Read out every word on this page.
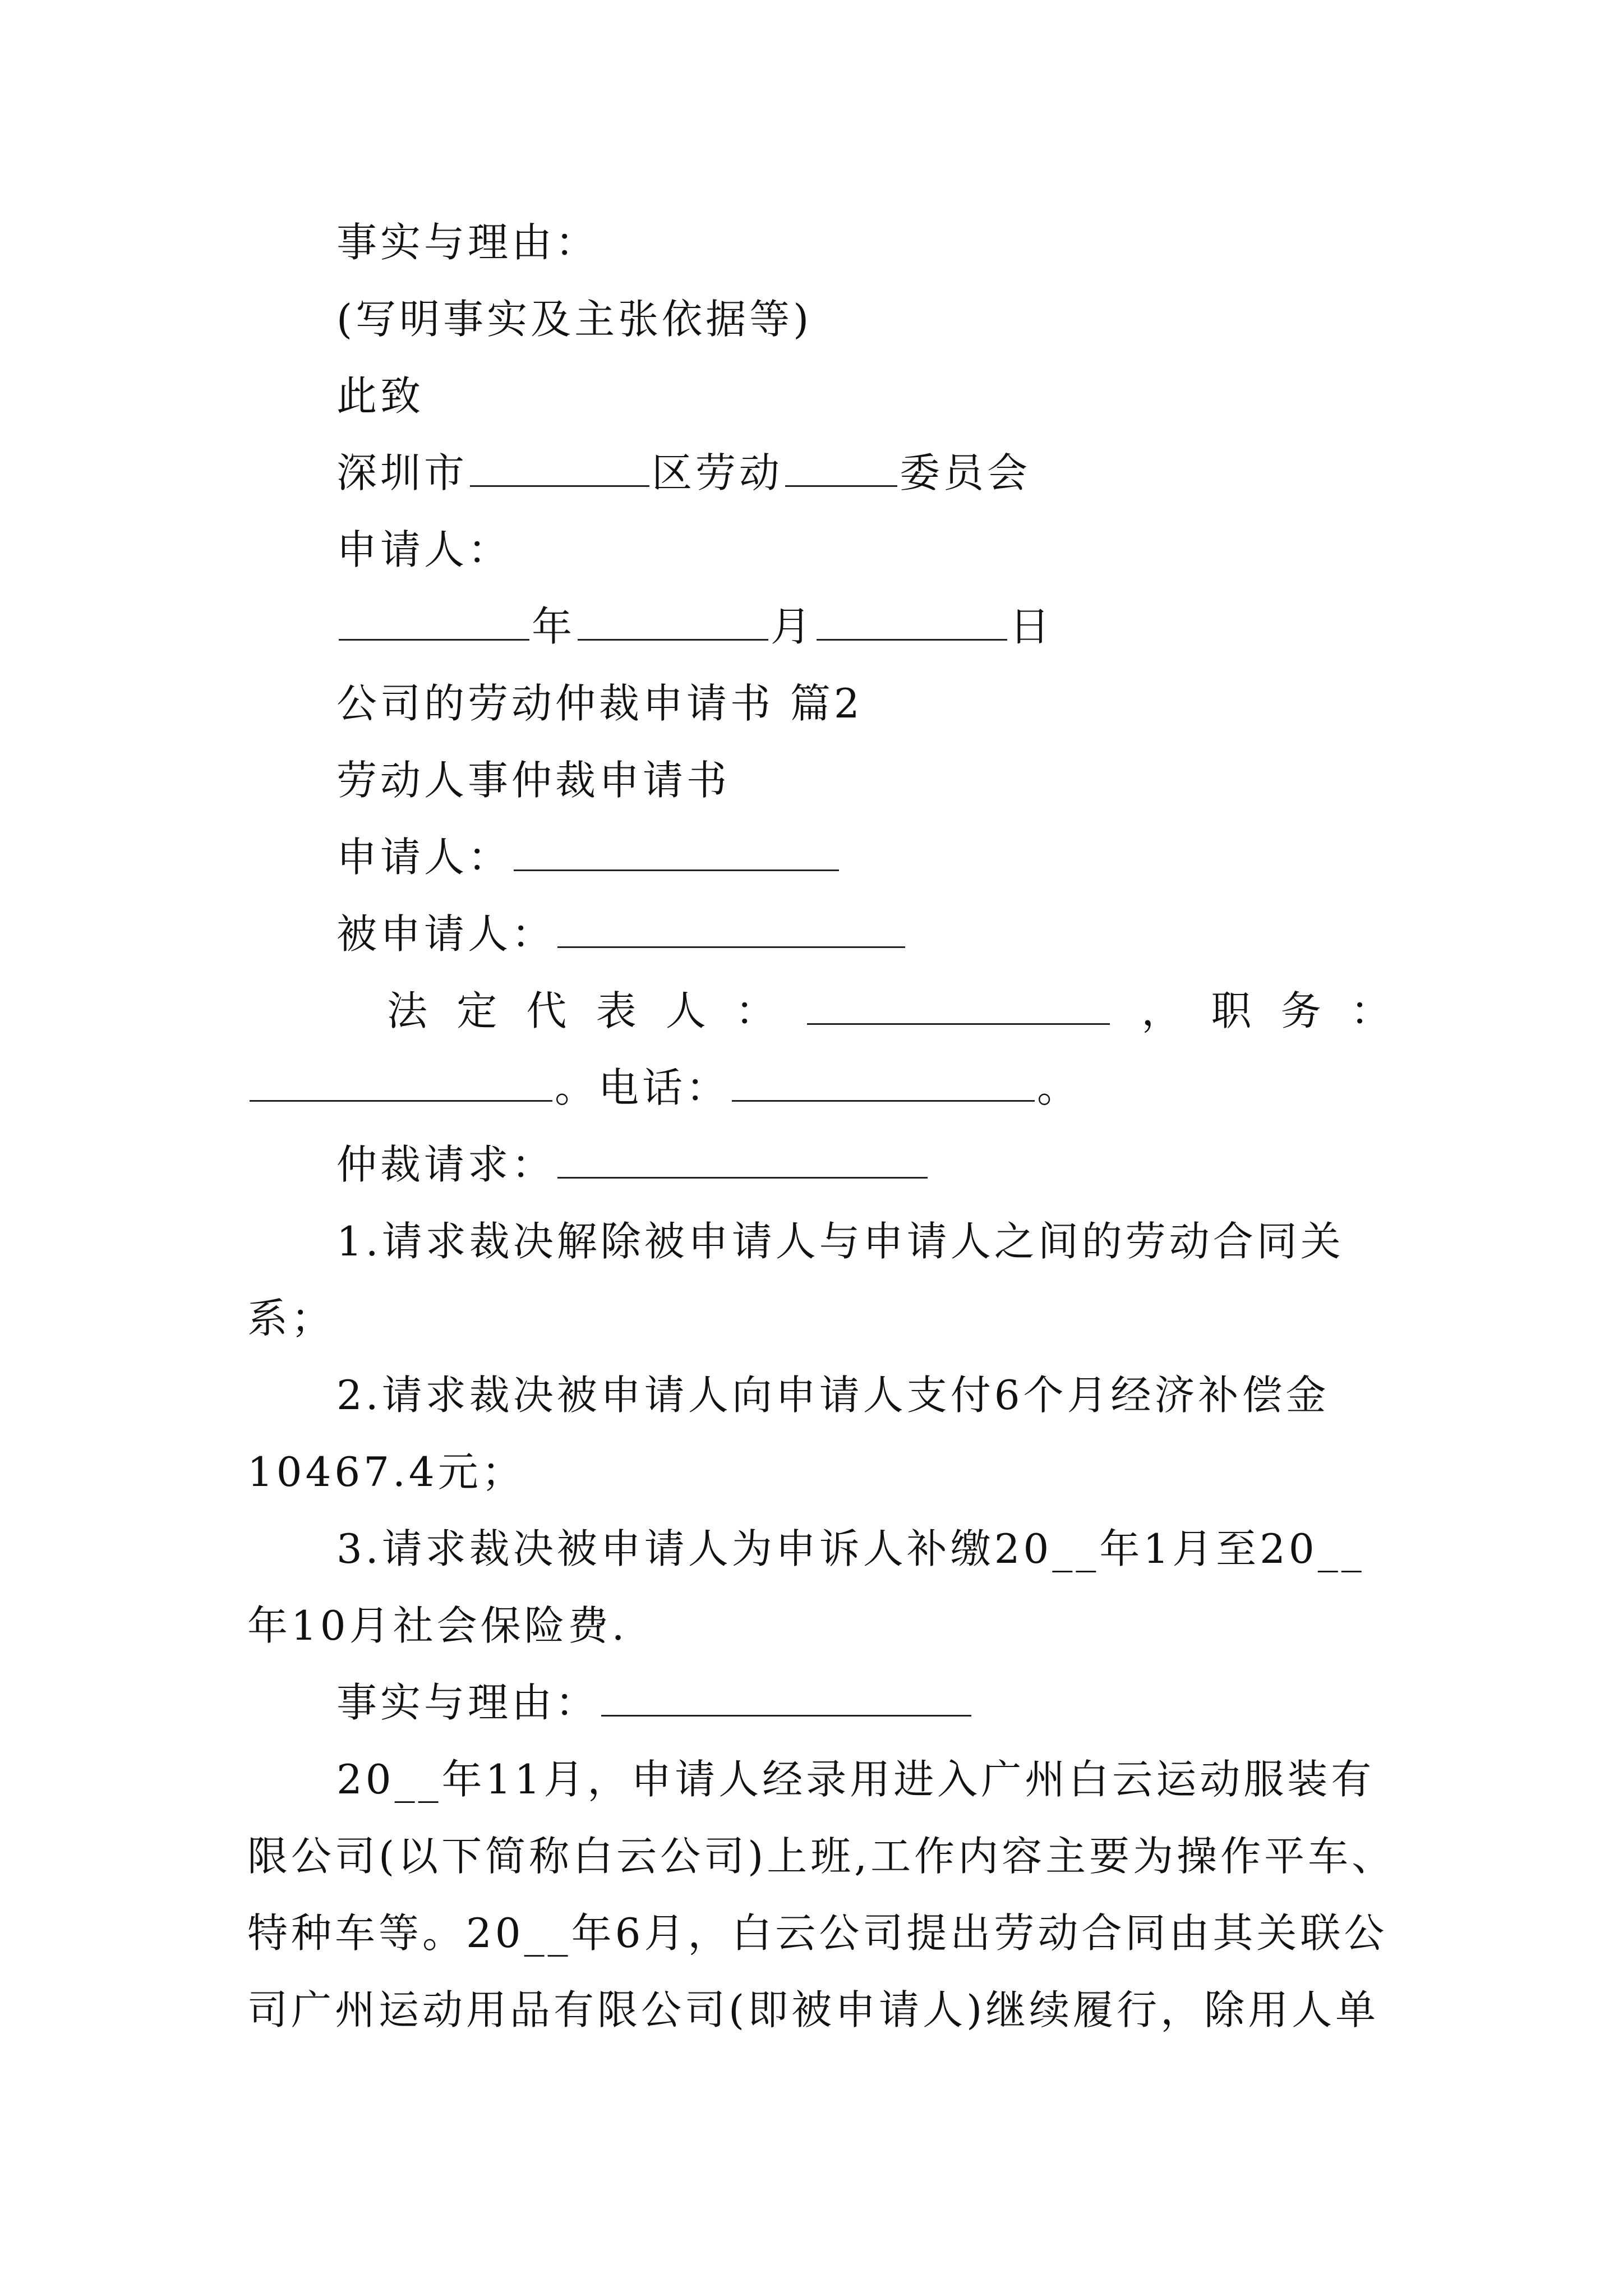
事实与理由：
(写明事实及主张依据等)
此致
深圳市	区劳动	委员会
申请人：
年	月	日
公司的劳动仲裁申请书 篇2
劳动人事仲裁申请书
申请人：
被申请人：
法 定 代 表 人 ：	， 职 务 ：
。电话：	。
仲裁请求：
1.请求裁决解除被申请人与申请人之间的劳动合同关
系；
2.请求裁决被申请人向申请人支付6个月经济补偿金
10467.4元；
3.请求裁决被申请人为申诉人补缴20__年1月至20__
年10月社会保险费.
事实与理由：
20__年11月，申请人经录用进入广州白云运动服装有
限公司(以下简称白云公司)上班,工作内容主要为操作平车、
特种车等。20__年6月，白云公司提出劳动合同由其关联公
司广州运动用品有限公司(即被申请人)继续履行，除用人单
